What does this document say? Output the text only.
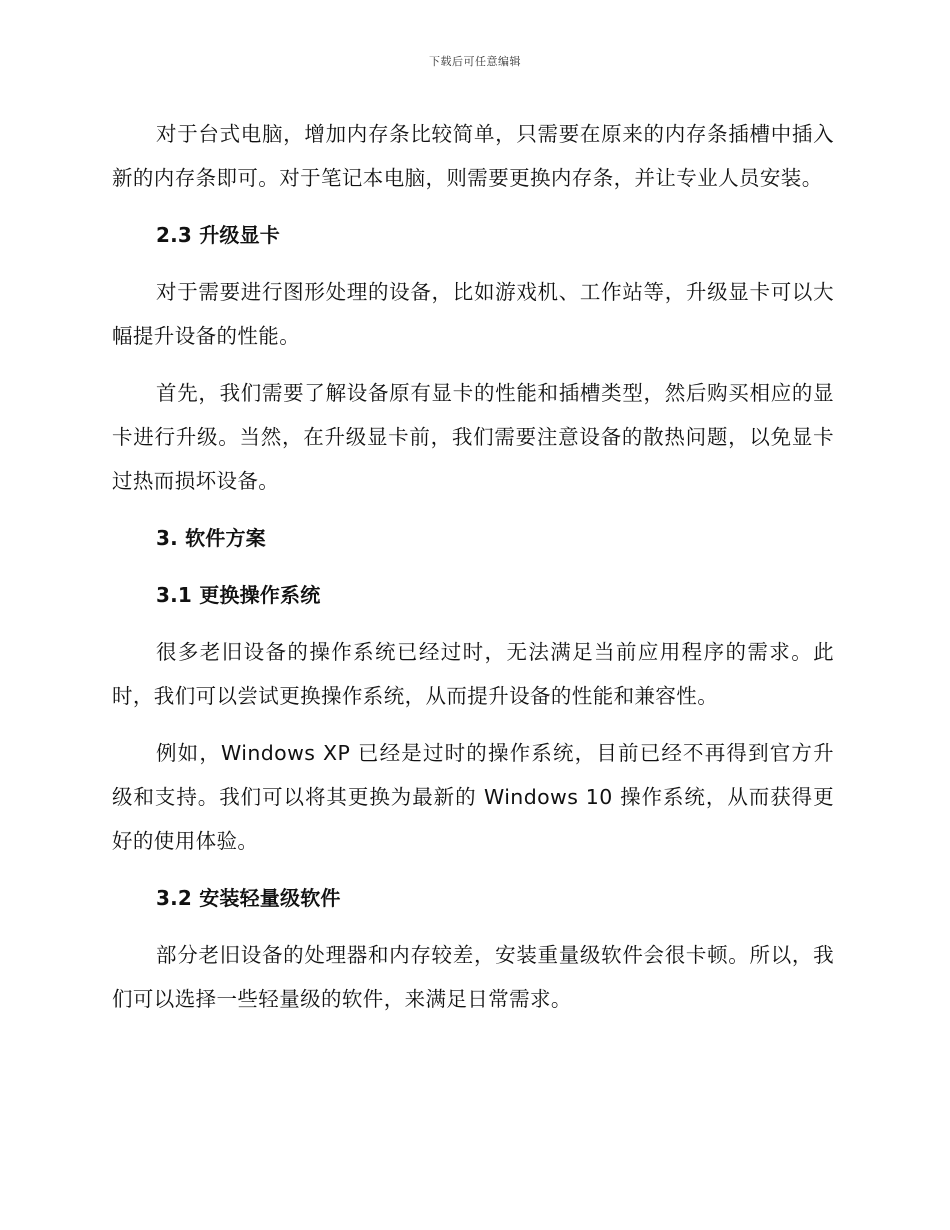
下载后可任意编辑

对于台式电脑，增加内存条比较简单，只需要在原来的内存条插槽中插入新的内存条即可。对于笔记本电脑，则需要更换内存条，并让专业人员安装。

2.3 升级显卡

对于需要进行图形处理的设备，比如游戏机、工作站等，升级显卡可以大幅提升设备的性能。

首先，我们需要了解设备原有显卡的性能和插槽类型，然后购买相应的显卡进行升级。当然，在升级显卡前，我们需要注意设备的散热问题，以免显卡过热而损坏设备。

3. 软件方案
3.1 更换操作系统

很多老旧设备的操作系统已经过时，无法满足当前应用程序的需求。此时，我们可以尝试更换操作系统，从而提升设备的性能和兼容性。

例如，Windows XP 已经是过时的操作系统，目前已经不再得到官方升级和支持。我们可以将其更换为最新的 Windows 10 操作系统，从而获得更好的使用体验。

3.2 安装轻量级软件

部分老旧设备的处理器和内存较差，安装重量级软件会很卡顿。所以，我们可以选择一些轻量级的软件，来满足日常需求。
